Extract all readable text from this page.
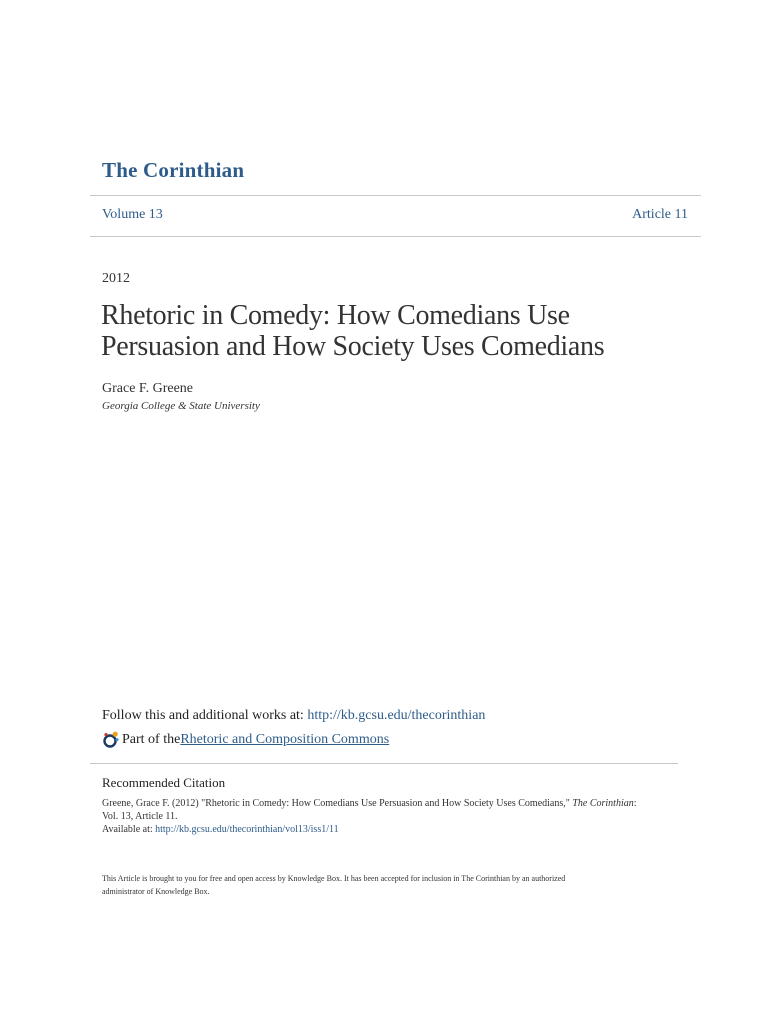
The Corinthian
Volume 13	Article 11
2012
Rhetoric in Comedy: How Comedians Use
Persuasion and How Society Uses Comedians
Grace F. Greene
Georgia College & State University
Follow this and additional works at: http://kb.gcsu.edu/thecorinthian
Part of the Rhetoric and Composition Commons
Recommended Citation
Greene, Grace F. (2012) "Rhetoric in Comedy: How Comedians Use Persuasion and How Society Uses Comedians," The Corinthian:
Vol. 13, Article 11.
Available at: http://kb.gcsu.edu/thecorinthian/vol13/iss1/11
This Article is brought to you for free and open access by Knowledge Box. It has been accepted for inclusion in The Corinthian by an authorized
administrator of Knowledge Box.
